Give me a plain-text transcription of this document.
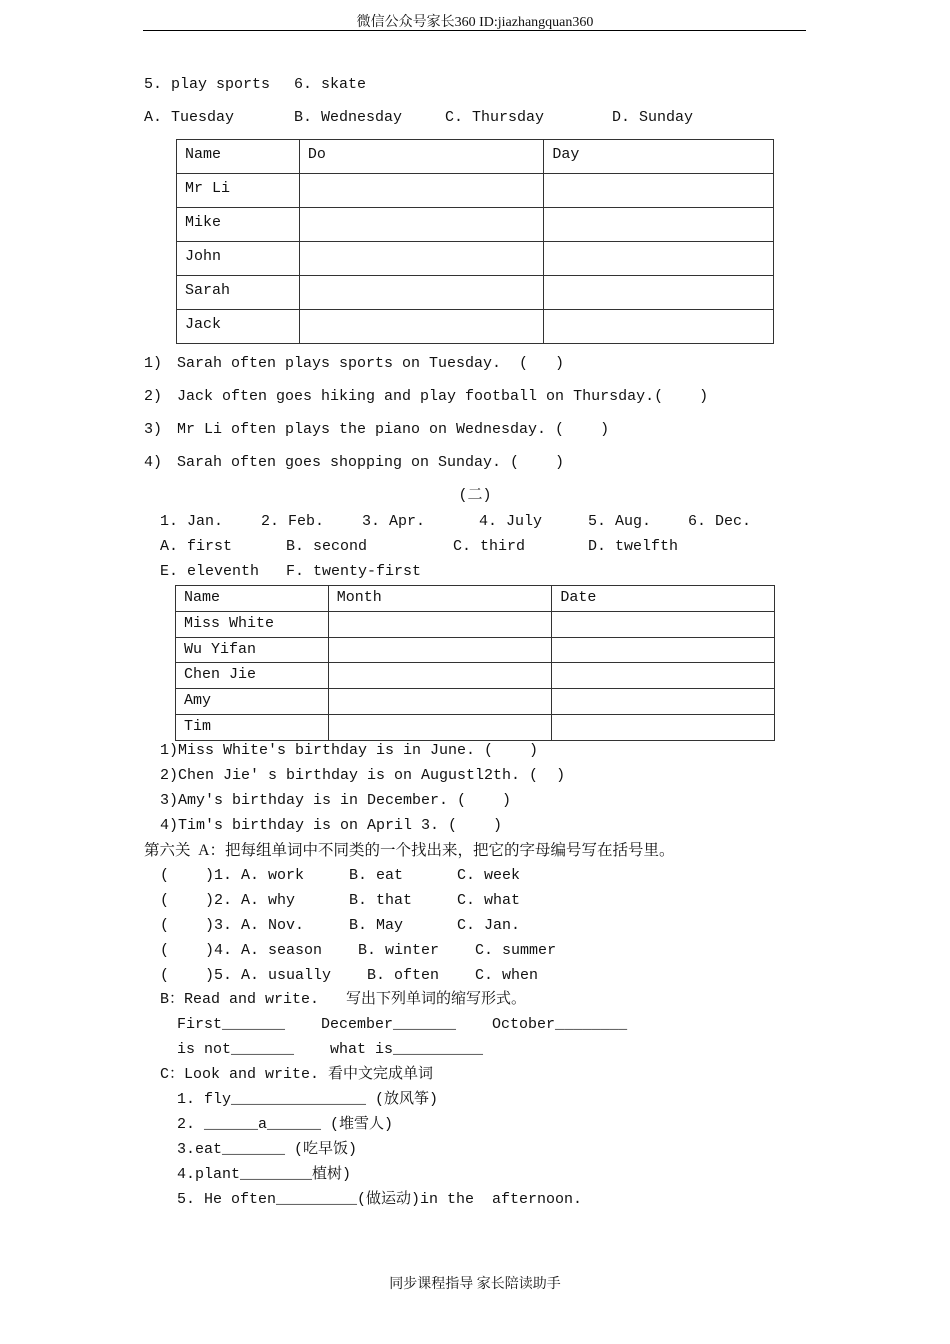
微信公众号家长360 ID:jiazhangquan360
5. play sports 6. skate
A. Tuesday	B. Wednesday	C. Thursday	D. Sunday
Name	Do	Day
Mr Li		
Mike		
John		
Sarah		
Jack		
1) Sarah often plays sports on Tuesday.  (   )
2) Jack often goes hiking and play football on Thursday.(    )
3) Mr Li often plays the piano on Wednesday. (    )
4) Sarah often goes shopping on Sunday. (    )
(二)
1. Jan.	2. Feb.	3. Apr.	4. July	5. Aug. 6. Dec.
A. first	B. second	C. third	D. twelfth
E. eleventh F. twenty-first
Name	Month	Date
Miss White		
Wu Yifan		
Chen Jie		
Amy		
Tim		
1)Miss White's birthday is in June. (    )
2)Chen Jie' s birthday is on Augustl2th. (  )
3)Amy's birthday is in December. (    )
4)Tim's birthday is on April 3. (    )
第六关  A：把每组单词中不同类的一个找出来，把它的字母编号写在括号里。
(    )1. A. work     B. eat      C. week
(    )2. A. why      B. that     C. what
(    )3. A. Nov.     B. May      C. Jan.
(    )4. A. season    B. winter    C. summer
(    )5. A. usually    B. often    C. when
B：Read and write.   写出下列单词的缩写形式。
First_______    December_______    October________
is not_______    what is__________
C：Look and write. 看中文完成单词
1. fly_______________ (放风筝)
2. ______a______ (堆雪人)
3.eat_______ (吃早饭)
4.plant________植树)
5. He often_________(做运动)in the  afternoon.
同步课程指导 家长陪读助手
